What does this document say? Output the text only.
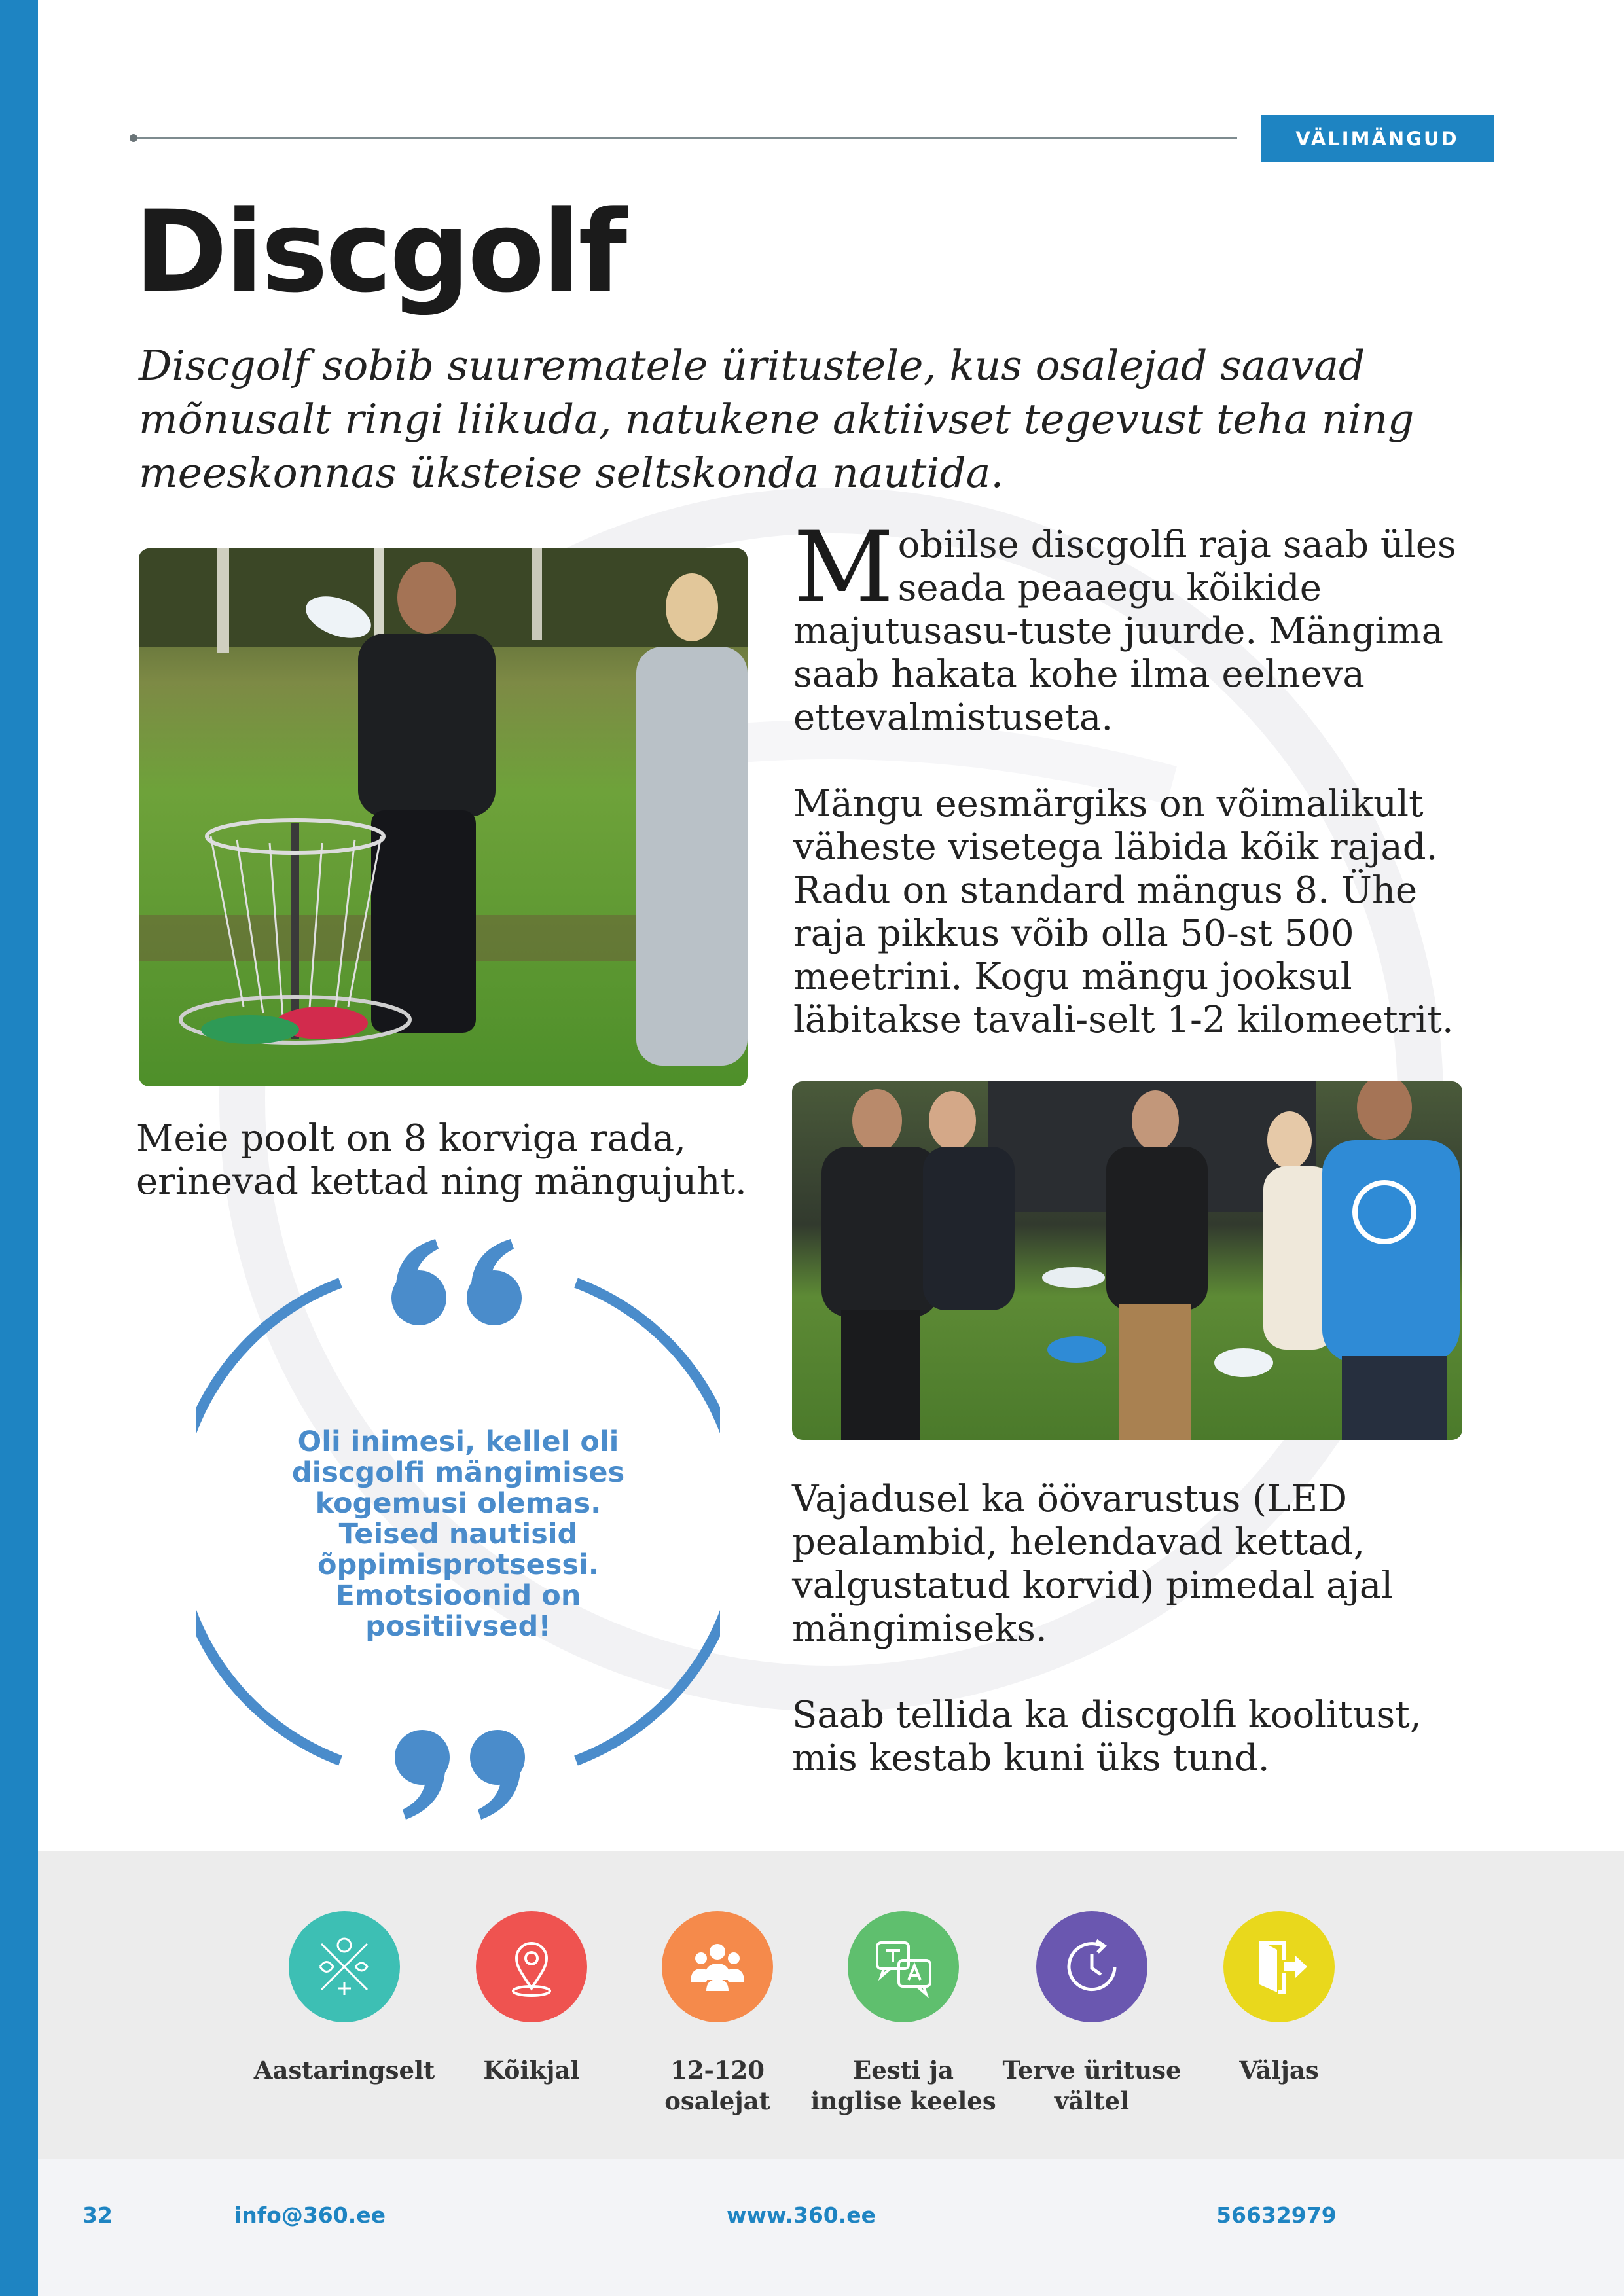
VÄLIMÄNGUD
Discgolf

Discgolf sobib suurematele üritustele, kus osalejad saavad mõnusalt ringi liikuda, natukene aktiivset tegevust teha ning meeskonnas üksteise seltskonda nautida.

Mobiilse discgolfi raja saab üles seada peaaegu kõikide majutusasu-tuste juurde. Mängima saab hakata kohe ilma eelneva ettevalmistuseta.

Mängu eesmärgiks on võimalikult väheste visetega läbida kõik rajad. Radu on standard mängus 8. Ühe raja pikkus võib olla 50-st 500 meetrini. Kogu mängu jooksul läbitakse tavali-selt 1-2 kilomeetrit.

Meie poolt on 8 korviga rada, erinevad kettad ning mängujuht.

Oli inimesi, kellel oli discgolfi mängimises kogemusi olemas. Teised nautisid õppimisprotsessi. Emotsioonid on positiivsed!

Vajadusel ka öövarustus (LED pealambid, helendavad kettad, valgustatud korvid) pimedal ajal mängimiseks.

Saab tellida ka discgolfi koolitust, mis kestab kuni üks tund.

Aastaringselt	Kõikjal	12-120 osalejat
Eesti ja inglise keeles
Terve ürituse vältel
Väljas
32	info@360.ee	www.360.ee	56632979
